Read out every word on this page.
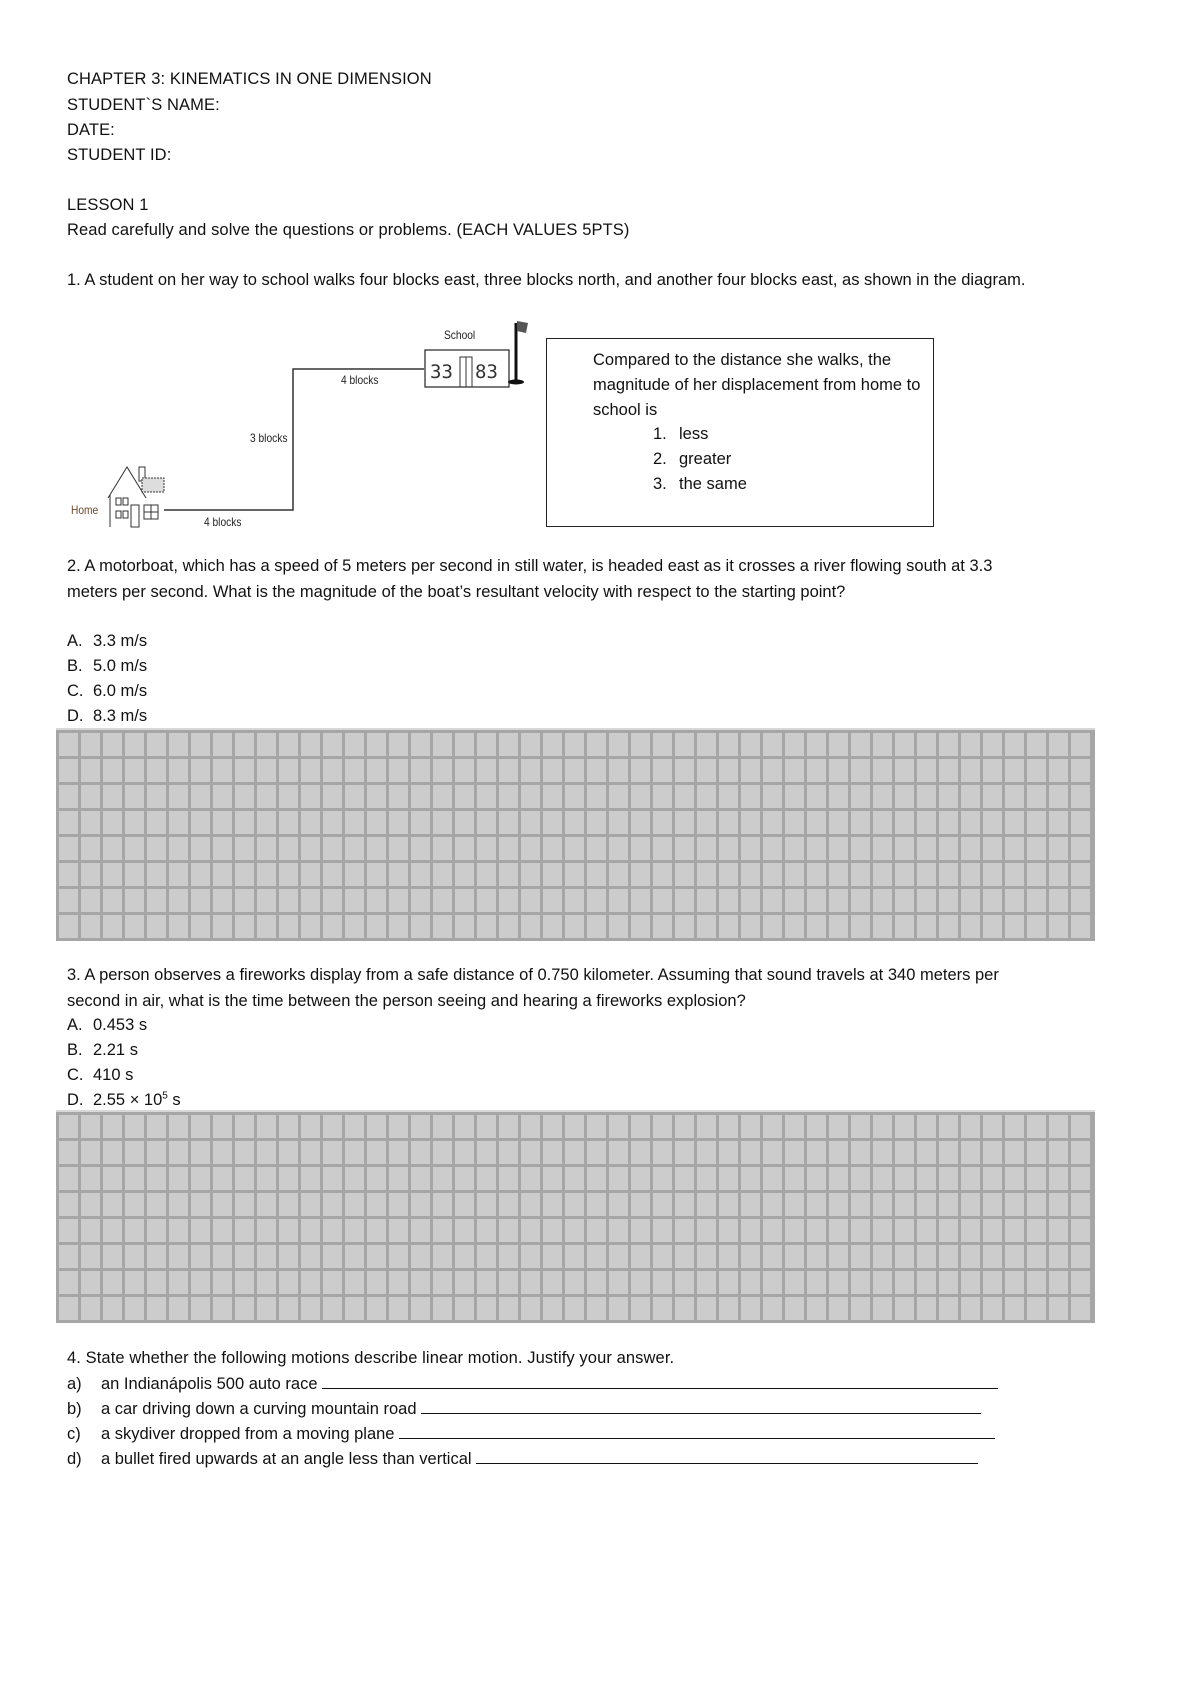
CHAPTER 3: KINEMATICS IN ONE DIMENSION
STUDENT`S NAME:
DATE:
STUDENT ID:
LESSON 1
Read carefully and solve the questions or problems. (EACH VALUES 5PTS)
1. A student on her way to school walks four blocks east, three blocks north, and another four blocks east, as shown in the diagram.
33 83
School
4 blocks
3 blocks
Home
4 blocks
Compared to the distance she walks, the magnitude of her displacement from home to school is
1. less
2. greater
3. the same
2. A motorboat, which has a speed of 5 meters per second in still water, is headed east as it crosses a river flowing south at 3.3 meters per second. What is the magnitude of the boat’s resultant velocity with respect to the starting point?
A. 3.3 m/s
B. 5.0 m/s
C. 6.0 m/s
D. 8.3 m/s
3. A person observes a fireworks display from a safe distance of 0.750 kilometer. Assuming that sound travels at 340 meters per second in air, what is the time between the person seeing and hearing a fireworks explosion?
A. 0.453 s
B. 2.21 s
C. 410 s
D. $2.55 \times 10^5$ s
4. State whether the following motions describe linear motion. Justify your answer.
a) an Indianápolis 500 auto race
b) a car driving down a curving mountain road
c) a skydiver dropped from a moving plane
d) a bullet fired upwards at an angle less than vertical
